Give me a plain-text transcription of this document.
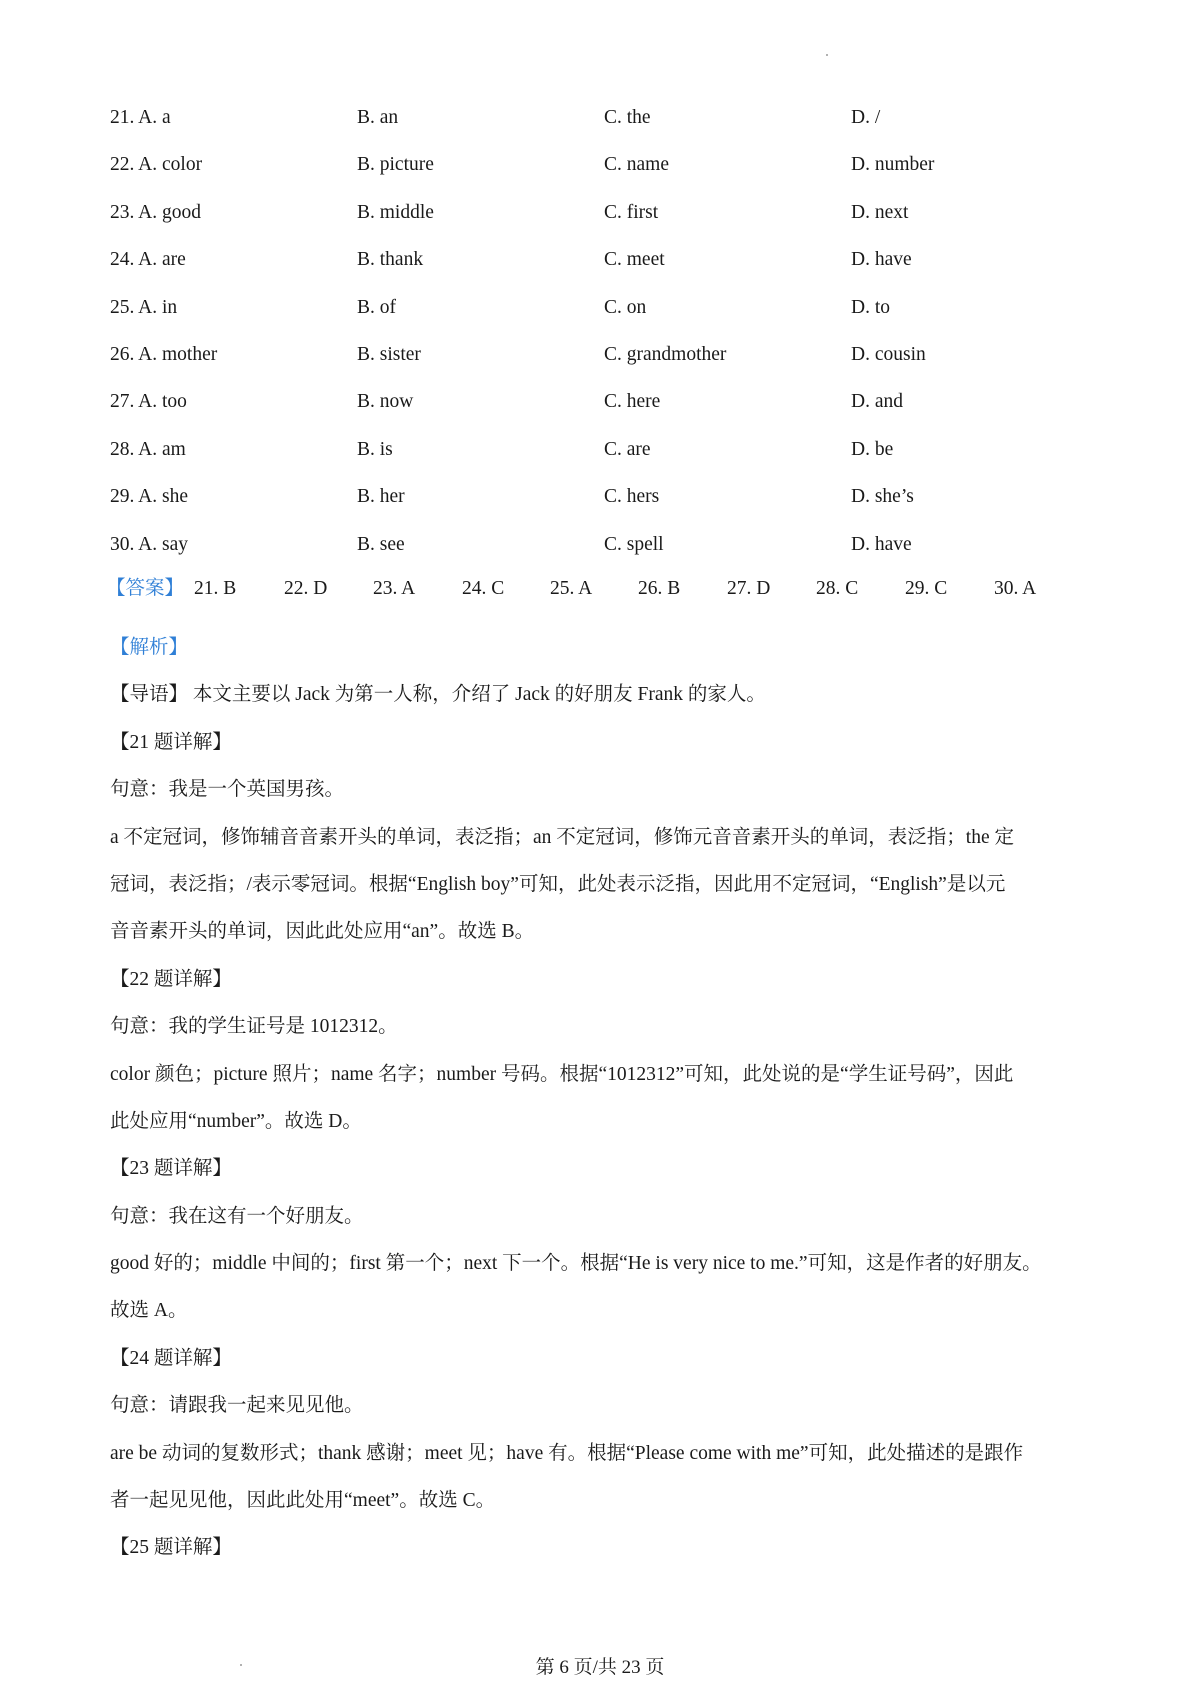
21. A. a	B. an	C. the	D. /
22. A. color	B. picture	C. name	D. number
23. A. good	B. middle	C. first	D. next
24. A. are	B. thank	C. meet	D. have
25. A. in	B. of	C. on	D. to
26. A. mother	B. sister	C. grandmother	D. cousin
27. A. too	B. now	C. here	D. and
28. A. am	B. is	C. are	D. be
29. A. she	B. her	C. hers	D. she’s
30. A. say	B. see	C. spell	D. have
【答案】 21. B 22. D 23. A 24. C 25. A 26. B 27. D 28. C 29. C 30. A
【解析】
【导语】 本文主要以 Jack 为第一人称，介绍了 Jack 的好朋友 Frank 的家人。
【21 题详解】
句意：我是一个英国男孩。
a 不定冠词，修饰辅音音素开头的单词，表泛指；an 不定冠词，修饰元音音素开头的单词，表泛指；the 定
冠词，表泛指；/表示零冠词。根据“English boy”可知，此处表示泛指，因此用不定冠词，“English”是以元
音音素开头的单词，因此此处应用“an”。故选 B。
【22 题详解】
句意：我的学生证号是 1012312。
color 颜色；picture 照片；name 名字；number 号码。根据“1012312”可知，此处说的是“学生证号码”，因此
此处应用“number”。故选 D。
【23 题详解】
句意：我在这有一个好朋友。
good 好的；middle 中间的；first 第一个；next 下一个。根据“He is very nice to me.”可知，这是作者的好朋友。
故选 A。
【24 题详解】
句意：请跟我一起来见见他。
are be 动词的复数形式；thank 感谢；meet 见；have 有。根据“Please come with me”可知，此处描述的是跟作
者一起见见他，因此此处用“meet”。故选 C。
【25 题详解】
第 6 页/共 23 页
